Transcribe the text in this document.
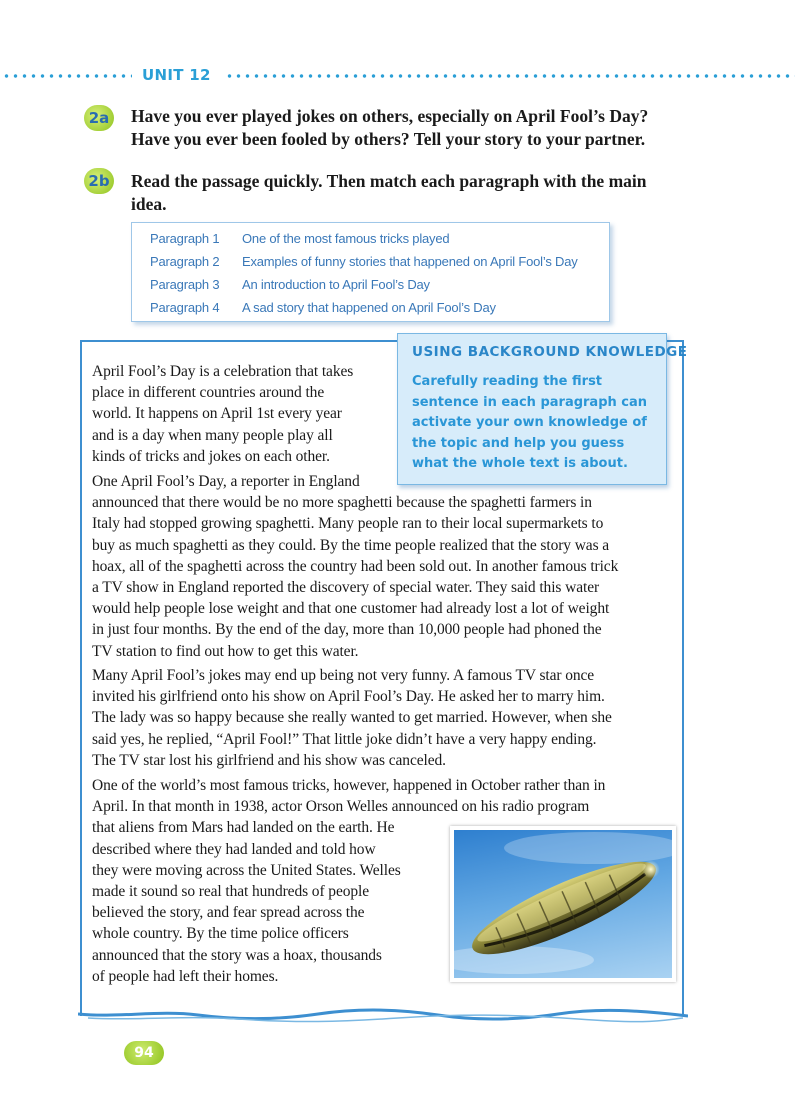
UNIT 12
2a Have you ever played jokes on others, especially on April Fool’s Day?
Have you ever been fooled by others? Tell your story to your partner.
2b Read the passage quickly. Then match each paragraph with the main
idea.
Paragraph 1 One of the most famous tricks played
Paragraph 2 Examples of funny stories that happened on April Fool’s Day
Paragraph 3 An introduction to April Fool’s Day
Paragraph 4 A sad story that happened on April Fool’s Day
USING BACKGROUND KNOWLEDGE
Carefully reading the first sentence in each paragraph can activate your own knowledge of the topic and help you guess what the whole text is about.
April Fool’s Day is a celebration that takes
place in different countries around the
world. It happens on April 1st every year
and is a day when many people play all
kinds of tricks and jokes on each other.
One April Fool’s Day, a reporter in England
announced that there would be no more spaghetti because the spaghetti farmers in
Italy had stopped growing spaghetti. Many people ran to their local supermarkets to
buy as much spaghetti as they could. By the time people realized that the story was a
hoax, all of the spaghetti across the country had been sold out. In another famous trick
a TV show in England reported the discovery of special water. They said this water
would help people lose weight and that one customer had already lost a lot of weight
in just four months. By the end of the day, more than 10,000 people had phoned the
TV station to find out how to get this water.
Many April Fool’s jokes may end up being not very funny. A famous TV star once
invited his girlfriend onto his show on April Fool’s Day. He asked her to marry him.
The lady was so happy because she really wanted to get married. However, when she
said yes, he replied, “April Fool!” That little joke didn’t have a very happy ending.
The TV star lost his girlfriend and his show was canceled.
One of the world’s most famous tricks, however, happened in October rather than in
April. In that month in 1938, actor Orson Welles announced on his radio program
that aliens from Mars had landed on the earth. He
described where they had landed and told how
they were moving across the United States. Welles
made it sound so real that hundreds of people
believed the story, and fear spread across the
whole country. By the time police officers
announced that the story was a hoax, thousands
of people had left their homes.
94
